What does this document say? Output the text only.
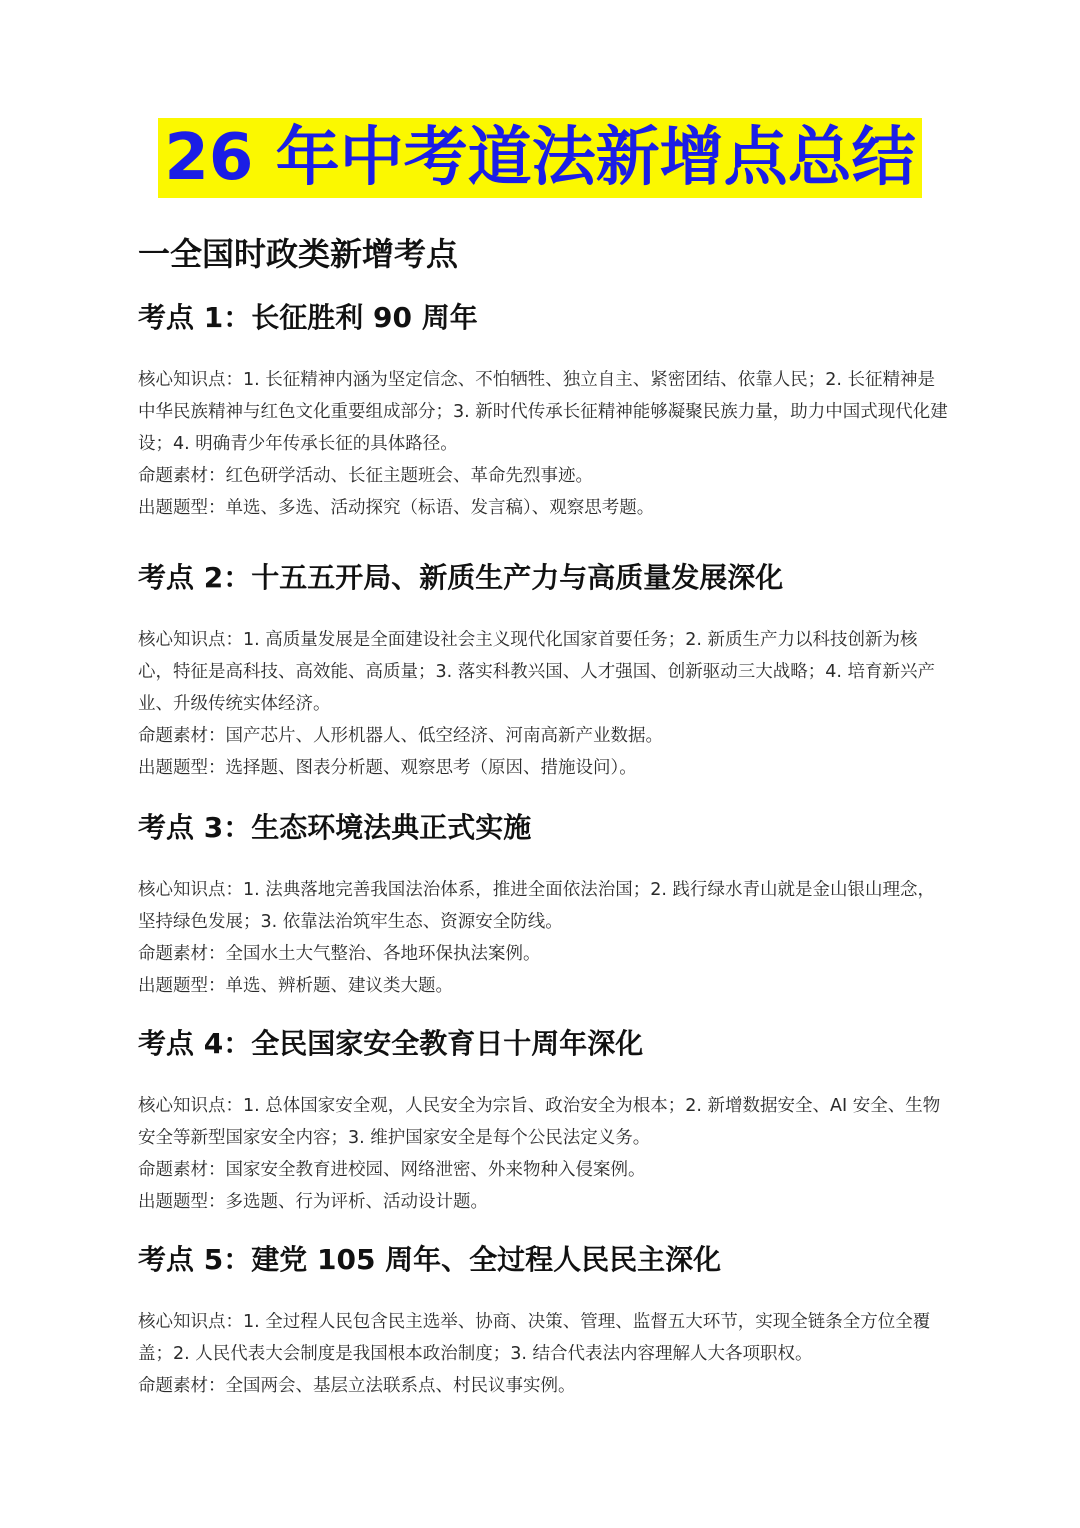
26 年中考道法新增点总结
一全国时政类新增考点
考点 1：长征胜利 90 周年

核心知识点：1. 长征精神内涵为坚定信念、不怕牺牲、独立自主、紧密团结、依靠人民；2. 长征精神是中华民族精神与红色文化重要组成部分；3. 新时代传承长征精神能够凝聚民族力量，助力中国式现代化建设；4. 明确青少年传承长征的具体路径。

命题素材：红色研学活动、长征主题班会、革命先烈事迹。

出题题型：单选、多选、活动探究（标语、发言稿）、观察思考题。

考点 2：十五五开局、新质生产力与高质量发展深化

核心知识点：1. 高质量发展是全面建设社会主义现代化国家首要任务；2. 新质生产力以科技创新为核心，特征是高科技、高效能、高质量；3. 落实科教兴国、人才强国、创新驱动三大战略；4. 培育新兴产业、升级传统实体经济。

命题素材：国产芯片、人形机器人、低空经济、河南高新产业数据。

出题题型：选择题、图表分析题、观察思考（原因、措施设问）。

考点 3：生态环境法典正式实施

核心知识点：1. 法典落地完善我国法治体系，推进全面依法治国；2. 践行绿水青山就是金山银山理念，坚持绿色发展；3. 依靠法治筑牢生态、资源安全防线。

命题素材：全国水土大气整治、各地环保执法案例。

出题题型：单选、辨析题、建议类大题。

考点 4：全民国家安全教育日十周年深化

核心知识点：1. 总体国家安全观，人民安全为宗旨、政治安全为根本；2. 新增数据安全、AI 安全、生物安全等新型国家安全内容；3. 维护国家安全是每个公民法定义务。

命题素材：国家安全教育进校园、网络泄密、外来物种入侵案例。

出题题型：多选题、行为评析、活动设计题。

考点 5：建党 105 周年、全过程人民民主深化

核心知识点：1. 全过程人民包含民主选举、协商、决策、管理、监督五大环节，实现全链条全方位全覆盖；2. 人民代表大会制度是我国根本政治制度；3. 结合代表法内容理解人大各项职权。

命题素材：全国两会、基层立法联系点、村民议事实例。
